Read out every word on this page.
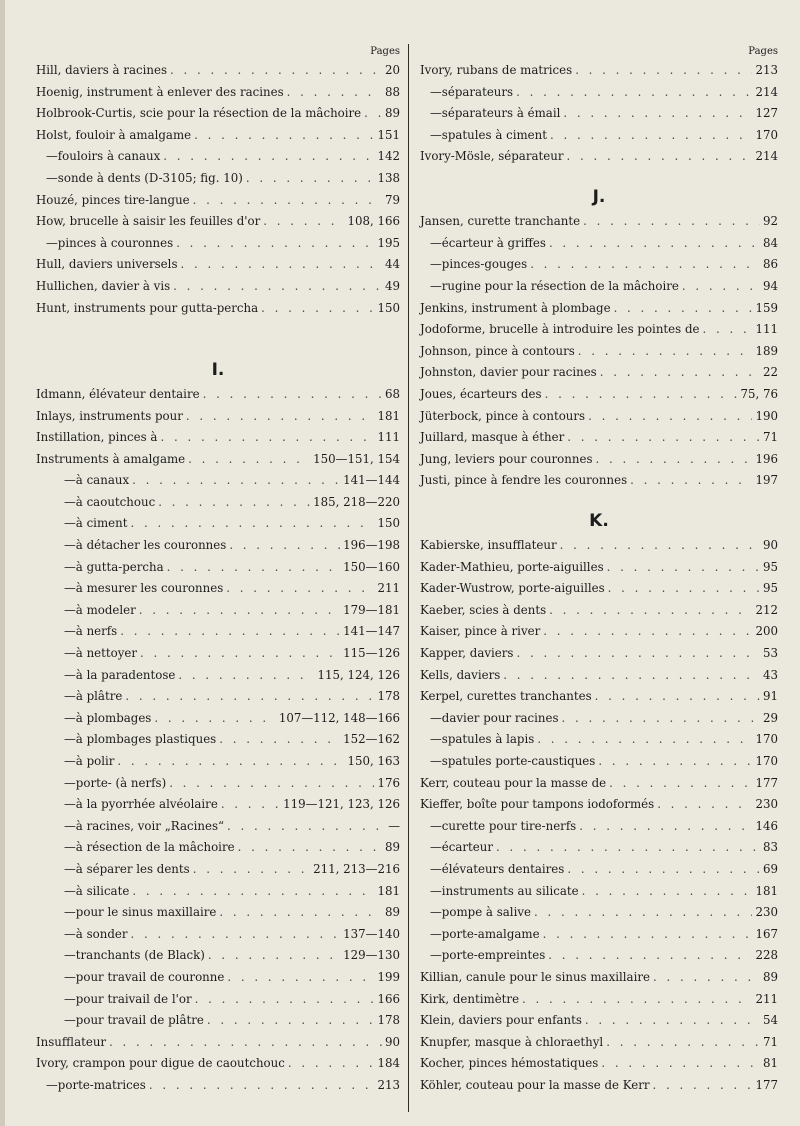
Pages
Hill, daviers à racines . . .	20
Hoenig, instrument à enlever des racines . . .	88
Holbrook-Curtis, scie pour la résection de la mâchoire . . . 89
Holst, fouloir à amalgame . . .	151
— fouloirs à canaux . . .	142
— sonde à dents (D-3105; fig. 10) . . .	138
Houzé, pinces tire-langue . . .	79
How, brucelle à saisir les feuilles d'or . . .	108, 166
— pinces à couronnes . . .	195
Hull, daviers universels . . .	44
Hullichen, davier à vis . . .	49
Hunt, instruments pour gutta-percha . . .	150
I.
Idmann, élévateur dentaire . . .	68
Inlays, instruments pour . . .	181
Instillation, pinces à . . .	111
Instruments à amalgame . . .	150—151, 154
— à canaux . . .	141—144
— à caoutchouc . . .	185, 218—220
— à ciment . . .	150
— à détacher les couronnes . . .	196—198
— à gutta-percha . . .	150—160
— à mesurer les couronnes . . .	211
— à modeler . . .	179—181
— à nerfs . . .	141—147
— à nettoyer . . .	115—126
— à la paradentose . . .	115, 124, 126
— à plâtre . . .	178
— à plombages . . .	107—112, 148—166
— à plombages plastiques . . .	152—162
— à polir . . .	150, 163
— porte- (à nerfs) . . .	176
— à la pyorrhée alvéolaire . . .	119—121, 123, 126
— à racines, voir „Racines“ . . .	—
— à résection de la mâchoire . . .	89
— à séparer les dents . . .	211, 213—216
— à silicate . . .	181
— pour le sinus maxillaire . . .	89
— à sonder . . .	137—140
— tranchants (de Black) . . .	129—130
— pour travail de couronne . . .	199
— pour traivail de l'or . . .	166
— pour travail de plâtre . . .	178
Insufflateur . . .	90
Ivory, crampon pour digue de caoutchouc . . .	184
— porte-matrices . . .	213
Pages
Ivory, rubans de matrices . . .	213
— séparateurs . . .	214
— séparateurs à émail . . .	127
— spatules à ciment . . .	170
Ivory-Mösle, séparateur . . .	214
J.
Jansen, curette tranchante . . .	92
— écarteur à griffes . . .	84
— pinces-gouges . . .	86
— rugine pour la résection de la mâchoire . . .	94
Jenkins, instrument à plombage . . .	159
Jodoforme, brucelle à introduire les pointes de . . .	111
Johnson, pince à contours . . .	189
Johnston, davier pour racines . . .	22
Joues, écarteurs des . . .	75, 76
Jüterbock, pince à contours . . .	190
Juillard, masque à éther . . .	71
Jung, leviers pour couronnes . . .	196
Justi, pince à fendre les couronnes . . .	197
K.
Kabierske, insufflateur . . .	90
Kader-Mathieu, porte-aiguilles . . .	95
Kader-Wustrow, porte-aiguilles . . .	95
Kaeber, scies à dents . . .	212
Kaiser, pince à river . . .	200
Kapper, daviers . . .	53
Kells, daviers . . .	43
Kerpel, curettes tranchantes . . .	91
— davier pour racines . . .	29
— spatules à lapis . . .	170
— spatules porte-caustiques . . .	170
Kerr, couteau pour la masse de . . .	177
Kieffer, boîte pour tampons iodoformés . . .	230
— curette pour tire-nerfs . . .	146
— écarteur . . .	83
— élévateurs dentaires . . .	69
— instruments au silicate . . .	181
— pompe à salive . . .	230
— porte-amalgame . . .	167
— porte-empreintes . . .	228
Killian, canule pour le sinus maxillaire . . .	89
Kirk, dentimètre . . .	211
Klein, daviers pour enfants . . .	54
Knupfer, masque à chloraethyl . . .	71
Kocher, pinces hémostatiques . . .	81
Köhler, couteau pour la masse de Kerr . . .	177
